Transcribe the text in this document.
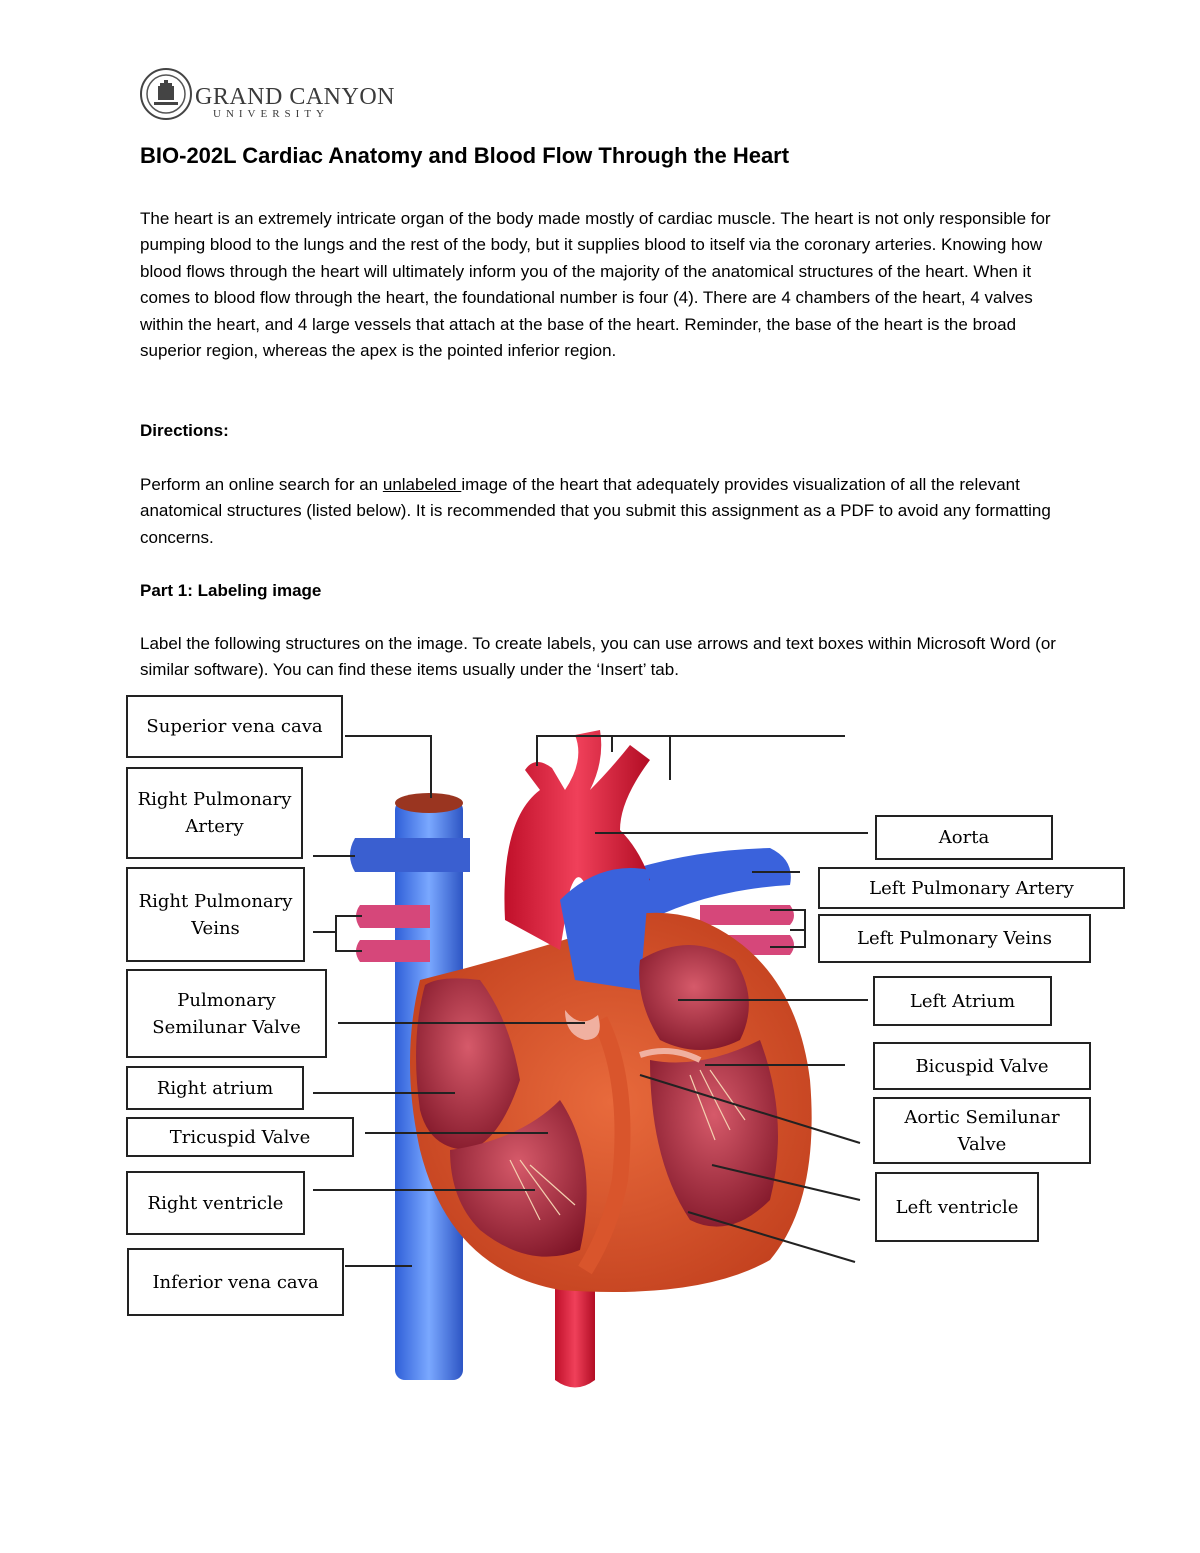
GRAND CANYON
UNIVERSITY
BIO-202L Cardiac Anatomy and Blood Flow Through the Heart

The heart is an extremely intricate organ of the body made mostly of cardiac muscle. The heart is not only responsible for pumping blood to the lungs and the rest of the body, but it supplies blood to itself via the coronary arteries. Knowing how blood flows through the heart will ultimately inform you of the majority of the anatomical structures of the heart. When it comes to blood flow through the heart, the foundational number is four (4). There are 4 chambers of the heart, 4 valves within the heart, and 4 large vessels that attach at the base of the heart. Reminder, the base of the heart is the broad superior region, whereas the apex is the pointed inferior region.

Directions:

Perform an online search for an unlabeled image of the heart that adequately provides visualization of all the relevant anatomical structures (listed below). It is recommended that you submit this assignment as a PDF to avoid any formatting concerns.

Part 1: Labeling image

Label the following structures on the image. To create labels, you can use arrows and text boxes within Microsoft Word (or similar software). You can find these items usually under the ‘Insert’ tab.

Superior vena cava
Right Pulmonary Artery
Right Pulmonary Veins
Pulmonary Semilunar Valve
Right atrium
Tricuspid Valve
Right ventricle
Inferior vena cava
Aorta
Left Pulmonary Artery
Left Pulmonary Veins
Left Atrium
Bicuspid Valve
Aortic Semilunar Valve
Left ventricle
